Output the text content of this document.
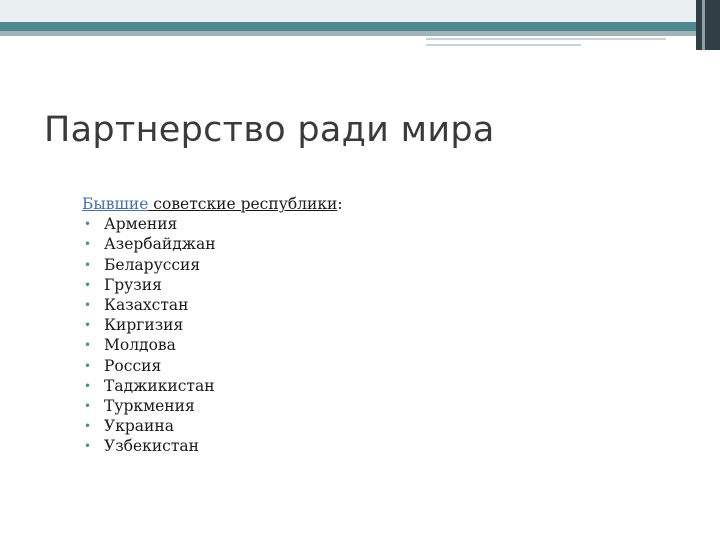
Партнерство ради мира
Бывшие советские республики:
• Армения
• Азербайджан
• Беларуссия
• Грузия
• Казахстан
• Киргизия
• Молдова
• Россия
• Таджикистан
• Туркмения
• Украина
• Узбекистан
